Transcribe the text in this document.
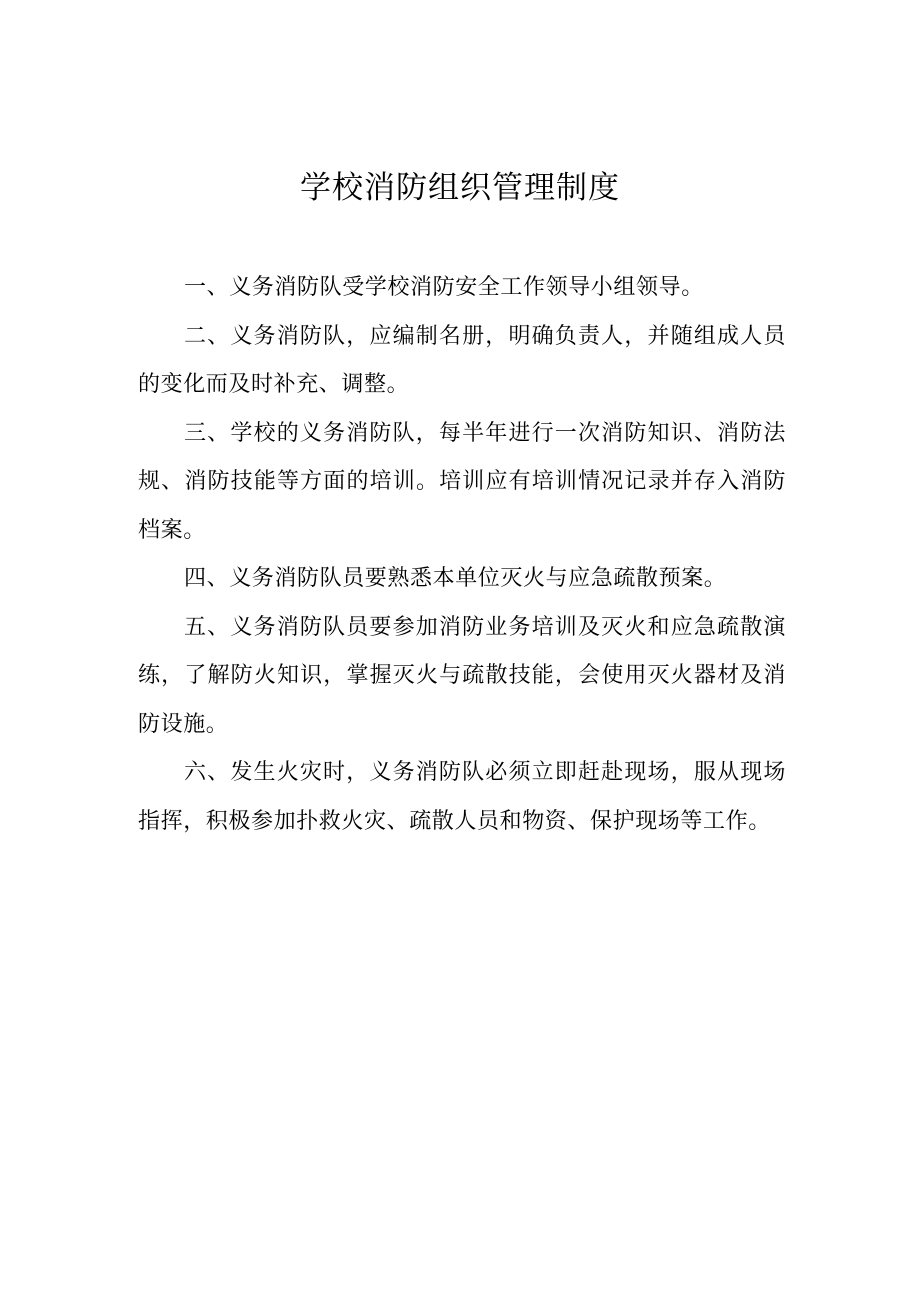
学校消防组织管理制度

一、义务消防队受学校消防安全工作领导小组领导。

二、义务消防队，应编制名册，明确负责人，并随组成人员的变化而及时补充、调整。

三、学校的义务消防队，每半年进行一次消防知识、消防法规、消防技能等方面的培训。培训应有培训情况记录并存入消防档案。

四、义务消防队员要熟悉本单位灭火与应急疏散预案。

五、义务消防队员要参加消防业务培训及灭火和应急疏散演练，了解防火知识，掌握灭火与疏散技能，会使用灭火器材及消防设施。

六、发生火灾时，义务消防队必须立即赶赴现场，服从现场指挥，积极参加扑救火灾、疏散人员和物资、保护现场等工作。
